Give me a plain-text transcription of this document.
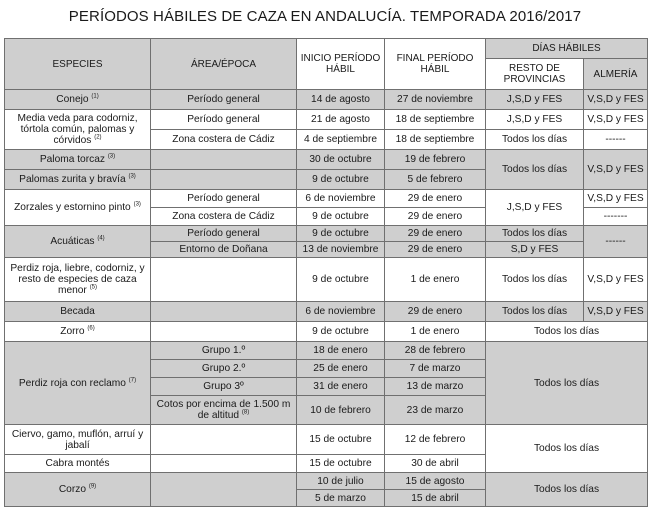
PERÍODOS HÁBILES DE CAZA EN ANDALUCÍA. TEMPORADA 2016/2017
ESPECIES	ÁREA/ÉPOCA	INICIO PERÍODO HÁBIL	FINAL PERÍODO HÁBIL	DÍAS HÁBILES	
				RESTO DE PROVINCIAS	ALMERÍA
Conejo $^{(1)}$	Período general	14 de agosto	27 de noviembre	J,S,D y FES	V,S,D y FES
Media veda para codorniz, tórtola común, palomas y córvidos $^{(2)}$	Período general	21 de agosto	18 de septiembre	J,S,D y FES	V,S,D y FES
	Zona costera de Cádiz	4 de septiembre	18 de septiembre	Todos los días	------
Paloma torcaz $^{(3)}$		30 de octubre	19 de febrero	Todos los días	V,S,D y FES
Palomas zurita y bravía $^{(3)}$		9 de octubre	5 de febrero		
Zorzales y estornino pinto $^{(3)}$	Período general	6 de noviembre	29 de enero	J,S,D y FES	V,S,D y FES
	Zona costera de Cádiz	9 de octubre	29 de enero		-------
Acuáticas $^{(4)}$	Período general	9 de octubre	29 de enero	Todos los días	------
	Entorno de Doñana	13 de noviembre	29 de enero	S,D y FES	
Perdiz roja, liebre, codorniz, y resto de especies de caza menor $^{(5)}$		9 de octubre	1 de enero	Todos los días	V,S,D y FES
Becada		6 de noviembre	29 de enero	Todos los días	V,S,D y FES
Zorro $^{(6)}$		9 de octubre	1 de enero	Todos los días	
Perdiz roja con reclamo $^{(7)}$	Grupo 1.º	18 de enero	28 de febrero	Todos los días	
	Grupo 2.º	25 de enero	7 de marzo		
	Grupo 3º	31 de enero	13 de marzo		
	Cotos por encima de 1.500 m de altitud $^{(8)}$	10 de febrero	23 de marzo		
Ciervo, gamo, muflón, arruí y jabalí		15 de octubre	12 de febrero	Todos los días	
Cabra montés		15 de octubre	30 de abril		
Corzo $^{(9)}$		10 de julio	15 de agosto	Todos los días	
		5 de marzo	15 de abril		
